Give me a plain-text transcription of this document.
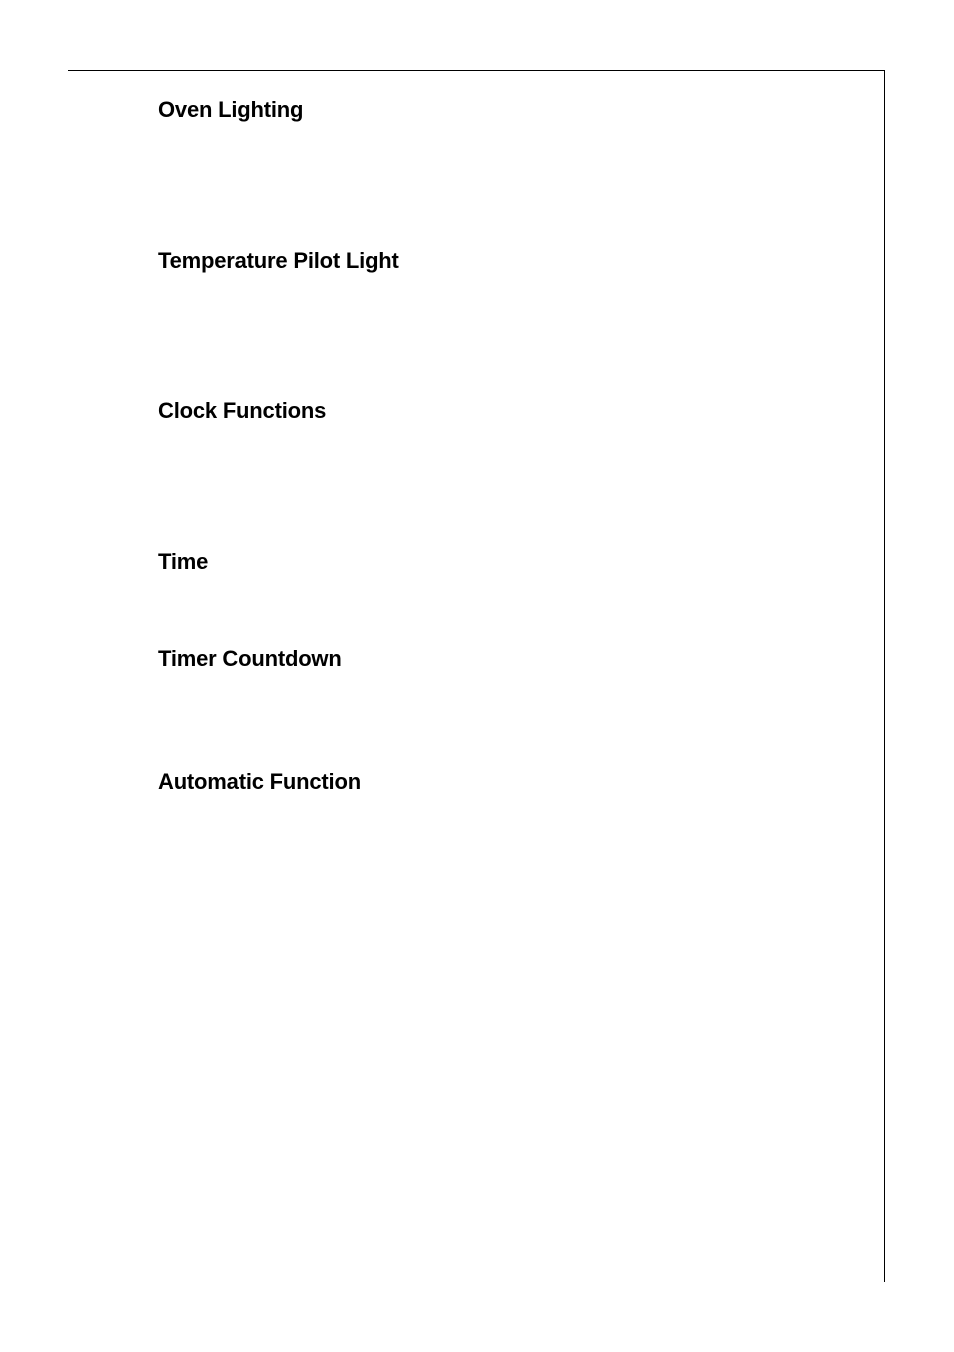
Oven Lighting
Temperature Pilot Light
Clock Functions
Time
Timer Countdown
Automatic Function
